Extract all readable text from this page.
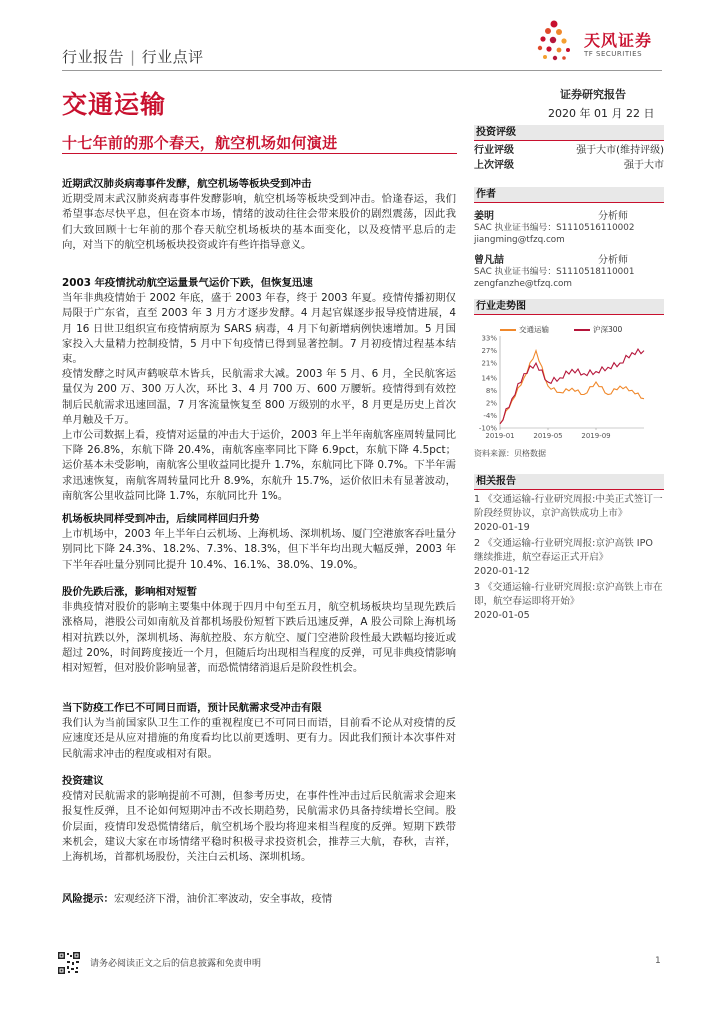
行业报告 | 行业点评
天风证券
TF SECURITIES
交通运输	证券研究报告
2020 年 01 月 22 日
十七年前的那个春天，航空机场如何演进
近期武汉肺炎病毒事件发酵，航空机场等板块受到冲击

近期受周末武汉肺炎病毒事件发酵影响，航空机场等板块受到冲击。恰逢春运，我们希望事态尽快平息，但在资本市场，情绪的波动往往会带来股价的剧烈震荡，因此我们大致回顾十七年前的那个春天航空机场板块的基本面变化，以及疫情平息后的走向，对当下的航空机场板块投资或许有些许指导意义。

2003 年疫情扰动航空运量景气运价下跌，但恢复迅速

当年非典疫情始于 2002 年底，盛于 2003 年春，终于 2003 年夏。疫情传播初期仅局限于广东省，直至 2003 年 3 月方才逐步发酵。4 月起官媒逐步报导疫情进展，4 月 16 日世卫组织宣布疫情病原为 SARS 病毒，4 月下旬新增病例快速增加。5 月国家投入大量精力控制疫情，5 月中下旬疫情已得到显著控制。7 月初疫情过程基本结束。

疫情发酵之时风声鹤唳草木皆兵，民航需求大减。2003 年 5 月、6 月，全民航客运量仅为 200 万、300 万人次，环比 3、4 月 700 万、600 万腰斩。疫情得到有效控制后民航需求迅速回温，7 月客流量恢复至 800 万级别的水平，8 月更是历史上首次单月触及千万。

上市公司数据上看，疫情对运量的冲击大于运价，2003 年上半年南航客座周转量同比下降 26.8%，东航下降 20.4%，南航客座率同比下降 6.9pct，东航下降 4.5pct；运价基本未受影响，南航客公里收益同比提升 1.7%，东航同比下降 0.7%。下半年需求迅速恢复，南航客周转量同比升 8.9%，东航升 15.7%，运价依旧未有显著波动，南航客公里收益同比降 1.7%，东航同比升 1%。

机场板块同样受到冲击，后续同样回归升势

上市机场中，2003 年上半年白云机场、上海机场、深圳机场、厦门空港旅客吞吐量分别同比下降 24.3%、18.2%、7.3%、18.3%，但下半年均出现大幅反弹，2003 年下半年吞吐量分别同比提升 10.4%、16.1%、38.0%、19.0%。

股价先跌后涨，影响相对短暂

非典疫情对股价的影响主要集中体现于四月中旬至五月，航空机场板块均呈现先跌后涨格局，港股公司如南航及首都机场股份短暂下跌后迅速反弹，A 股公司除上海机场相对抗跌以外，深圳机场、海航控股、东方航空、厦门空港阶段性最大跌幅均接近或超过 20%，时间跨度接近一个月，但随后均出现相当程度的反弹，可见非典疫情影响相对短暂，但对股价影响显著，而恐慌情绪消退后是阶段性机会。

当下防疫工作已不可同日而语，预计民航需求受冲击有限

我们认为当前国家队卫生工作的重视程度已不可同日而语，目前看不论从对疫情的反应速度还是从应对措施的角度看均比以前更透明、更有力。因此我们预计本次事件对民航需求冲击的程度或相对有限。

投资建议

疫情对民航需求的影响提前不可测，但参考历史，在事件性冲击过后民航需求会迎来报复性反弹，且不论如何短期冲击不改长期趋势，民航需求仍具备持续增长空间。股价层面，疫情印发恐慌情绪后，航空机场个股均将迎来相当程度的反弹。短期下跌带来机会，建议大家在市场情绪平稳时积极寻求投资机会，推荐三大航，春秋，吉祥，上海机场，首都机场股份，关注白云机场、深圳机场。

风险提示：宏观经济下滑，油价汇率波动，安全事故，疫情

投资评级
行业评级	强于大市(维持评级)
上次评级	强于大市
作者
姜明	分析师
SAC 执业证书编号：S1110516110002
jiangming@tfzq.com
曾凡喆	分析师
SAC 执业证书编号：S1110518110001
zengfanzhe@tfzq.com
行业走势图
交通运输	沪深300
-10%
-4%
2%
8%
14%
21%
27%
33%
2019-01	2019-05	2019-09
资料来源：贝格数据
相关报告
1 《交通运输-行业研究周报:中美正式签订一阶段经贸协议，京沪高铁成功上市》
2020-01-19
2 《交通运输-行业研究周报:京沪高铁 IPO 继续推进，航空春运正式开启》
2020-01-12
3 《交通运输-行业研究周报:京沪高铁上市在即，航空春运即将开始》
2020-01-05
请务必阅读正文之后的信息披露和免责申明	1
